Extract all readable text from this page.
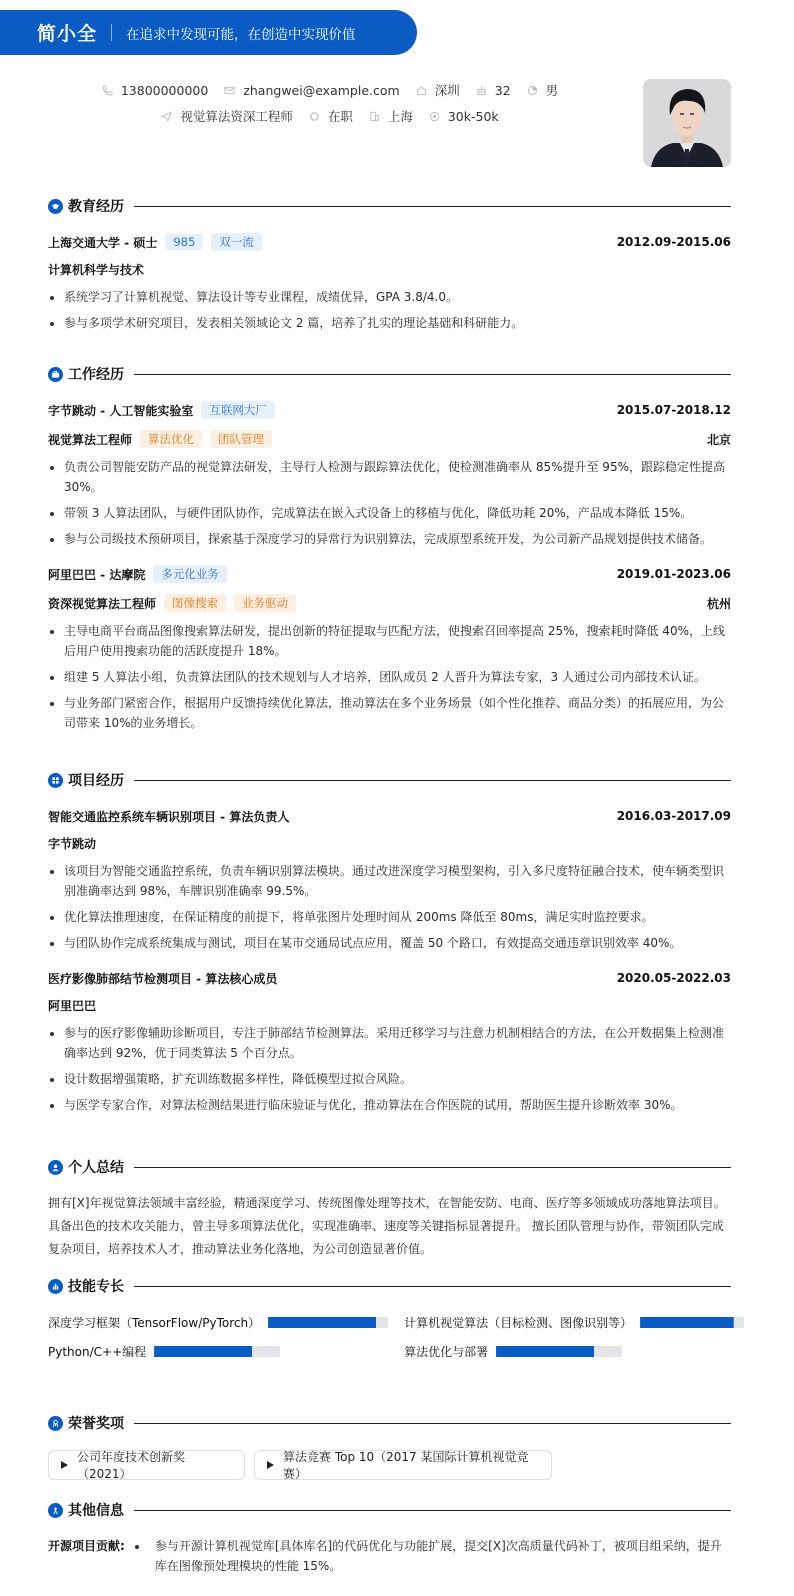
简小全 在追求中发现可能，在创造中实现价值
13800000000	zhangwei@example.com	深圳	32	男
视觉算法资深工程师	在职	上海	30k-50k
教育经历
上海交通大学 - 硕士	985	双一流	2012.09-2015.06
计算机科学与技术
系统学习了计算机视觉、算法设计等专业课程，成绩优异，GPA 3.8/4.0。
参与多项学术研究项目，发表相关领域论文 2 篇，培养了扎实的理论基础和科研能力。
工作经历
字节跳动 - 人工智能实验室	互联网大厂	2015.07-2018.12
视觉算法工程师	算法优化	团队管理	北京
负责公司智能安防产品的视觉算法研发，主导行人检测与跟踪算法优化，使检测准确率从 85%提升至 95%，跟踪稳定性提高 30%。
带领 3 人算法团队，与硬件团队协作，完成算法在嵌入式设备上的移植与优化，降低功耗 20%，产品成本降低 15%。
参与公司级技术预研项目，探索基于深度学习的异常行为识别算法，完成原型系统开发，为公司新产品规划提供技术储备。
阿里巴巴 - 达摩院	多元化业务	2019.01-2023.06
资深视觉算法工程师	图像搜索	业务驱动	杭州
主导电商平台商品图像搜索算法研发，提出创新的特征提取与匹配方法，使搜索召回率提高 25%，搜索耗时降低 40%，上线后用户使用搜索功能的活跃度提升 18%。
组建 5 人算法小组，负责算法团队的技术规划与人才培养，团队成员 2 人晋升为算法专家，3 人通过公司内部技术认证。
与业务部门紧密合作，根据用户反馈持续优化算法，推动算法在多个业务场景（如个性化推荐、商品分类）的拓展应用，为公司带来 10%的业务增长。
项目经历
智能交通监控系统车辆识别项目 - 算法负责人	2016.03-2017.09
字节跳动
该项目为智能交通监控系统，负责车辆识别算法模块。通过改进深度学习模型架构，引入多尺度特征融合技术，使车辆类型识别准确率达到 98%，车牌识别准确率 99.5%。
优化算法推理速度，在保证精度的前提下，将单张图片处理时间从 200ms 降低至 80ms，满足实时监控要求。
与团队协作完成系统集成与测试，项目在某市交通局试点应用，覆盖 50 个路口，有效提高交通违章识别效率 40%。
医疗影像肺部结节检测项目 - 算法核心成员	2020.05-2022.03
阿里巴巴
参与的医疗影像辅助诊断项目，专注于肺部结节检测算法。采用迁移学习与注意力机制相结合的方法，在公开数据集上检测准确率达到 92%，优于同类算法 5 个百分点。
设计数据增强策略，扩充训练数据多样性，降低模型过拟合风险。
与医学专家合作，对算法检测结果进行临床验证与优化，推动算法在合作医院的试用，帮助医生提升诊断效率 30%。
个人总结
拥有[X]年视觉算法领域丰富经验，精通深度学习、传统图像处理等技术，在智能安防、电商、医疗等多领域成功落地算法项目。 具备出色的技术攻关能力，曾主导多项算法优化，实现准确率、速度等关键指标显著提升。 擅长团队管理与协作，带领团队完成复杂项目，培养技术人才，推动算法业务化落地，为公司创造显著价值。
技能专长
深度学习框架（TensorFlow/PyTorch）	计算机视觉算法（目标检测、图像识别等）
Python/C++编程	算法优化与部署
荣誉奖项
公司年度技术创新奖（2021）
算法竞赛 Top 10（2017 某国际计算机视觉竞赛）
其他信息
开源项目贡献:	参与开源计算机视觉库[具体库名]的代码优化与功能扩展，提交[X]次高质量代码补丁，被项目组采纳，提升库在图像预处理模块的性能 15%。
